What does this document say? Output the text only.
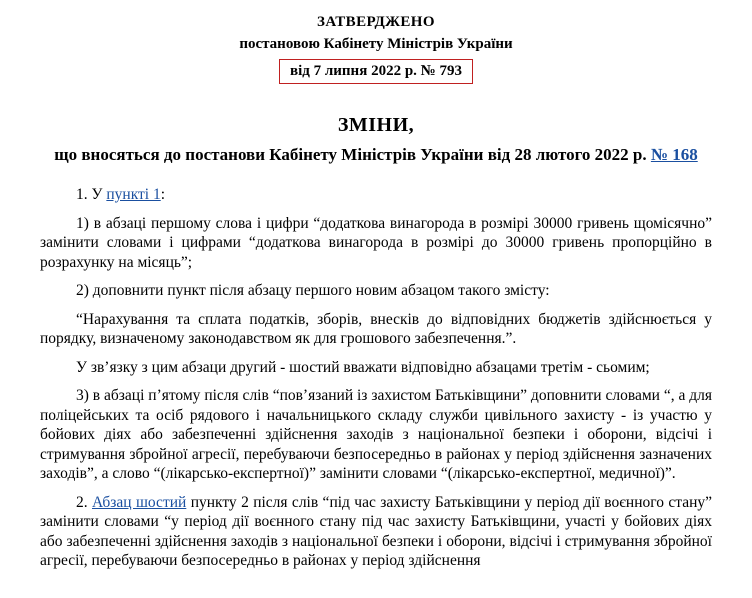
ЗАТВЕРДЖЕНО
постановою Кабінету Міністрів України
від 7 липня 2022 р. № 793
ЗМІНИ,
що вносяться до постанови Кабінету Міністрів України від 28 лютого 2022 р. № 168

1. У пункті 1:

1) в абзаці першому слова і цифри “додаткова винагорода в розмірі 30000 гривень щомісячно” замінити словами і цифрами “додаткова винагорода в розмірі до 30000 гривень пропорційно в розрахунку на місяць”;

2) доповнити пункт після абзацу першого новим абзацом такого змісту:

“Нарахування та сплата податків, зборів, внесків до відповідних бюджетів здійснюється у порядку, визначеному законодавством як для грошового забезпечення.”.

У зв’язку з цим абзаци другий - шостий вважати відповідно абзацами третім - сьомим;

3) в абзаці п’ятому після слів “пов’язаний із захистом Батьківщини” доповнити словами “, а для поліцейських та осіб рядового і начальницького складу служби цивільного захисту - із участю у бойових діях або забезпеченні здійснення заходів з національної безпеки і оборони, відсічі і стримування збройної агресії, перебуваючи безпосередньо в районах у період здійснення зазначених заходів”, а слово “(лікарсько-експертної)” замінити словами “(лікарсько-експертної, медичної)”.

2. Абзац шостий пункту 2 після слів “під час захисту Батьківщини у період дії воєнного стану” замінити словами “у період дії воєнного стану під час захисту Батьківщини, участі у бойових діях або забезпеченні здійснення заходів з національної безпеки і оборони, відсічі і стримування збройної агресії, перебуваючи безпосередньо в районах у період здійснення
